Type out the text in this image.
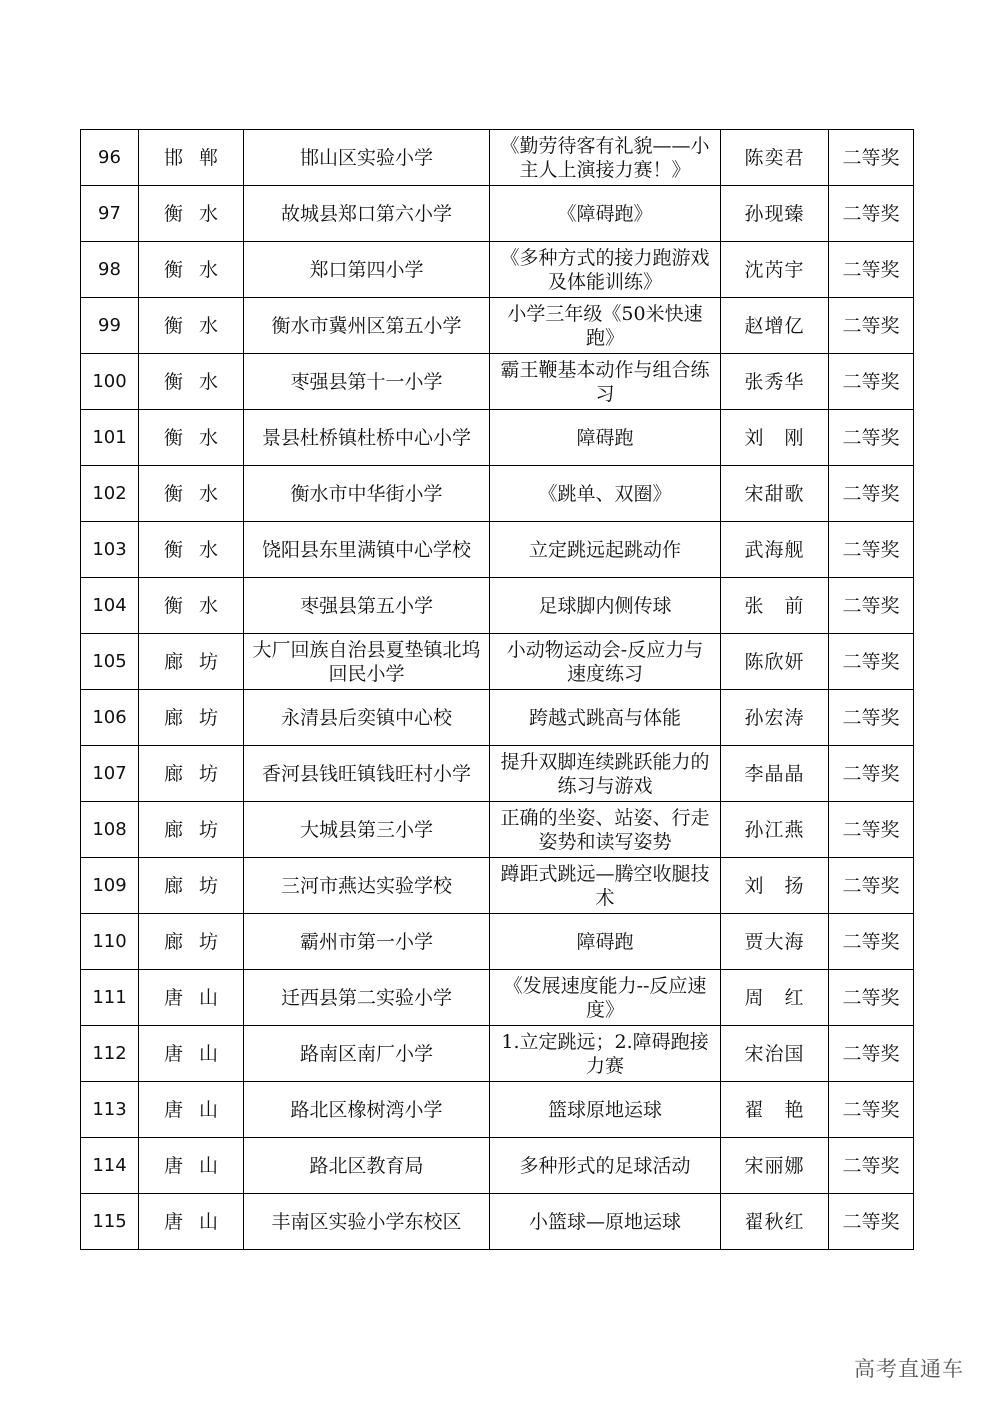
96	邯郸	邯山区实验小学	《勤劳待客有礼貌——小主人上演接力赛！》	陈奕君	二等奖
97	衡水	故城县郑口第六小学	《障碍跑》	孙现臻	二等奖
98	衡水	郑口第四小学	《多种方式的接力跑游戏及体能训练》	沈芮宇	二等奖
99	衡水	衡水市冀州区第五小学	小学三年级《50米快速跑》	赵增亿	二等奖
100	衡水	枣强县第十一小学	霸王鞭基本动作与组合练习	张秀华	二等奖
101	衡水	景县杜桥镇杜桥中心小学	障碍跑	刘　刚	二等奖
102	衡水	衡水市中华街小学	《跳单、双圈》	宋甜歌	二等奖
103	衡水	饶阳县东里满镇中心学校	立定跳远起跳动作	武海舰	二等奖
104	衡水	枣强县第五小学	足球脚内侧传球	张　前	二等奖
105	廊坊	大厂回族自治县夏垫镇北坞回民小学	小动物运动会-反应力与速度练习	陈欣妍	二等奖
106	廊坊	永清县后奕镇中心校	跨越式跳高与体能	孙宏涛	二等奖
107	廊坊	香河县钱旺镇钱旺村小学	提升双脚连续跳跃能力的练习与游戏	李晶晶	二等奖
108	廊坊	大城县第三小学	正确的坐姿、站姿、行走姿势和读写姿势	孙江燕	二等奖
109	廊坊	三河市燕达实验学校	蹲距式跳远—腾空收腿技术	刘　扬	二等奖
110	廊坊	霸州市第一小学	障碍跑	贾大海	二等奖
111	唐山	迁西县第二实验小学	《发展速度能力--反应速度》	周　红	二等奖
112	唐山	路南区南厂小学	1.立定跳远；2.障碍跑接力赛	宋治国	二等奖
113	唐山	路北区橡树湾小学	篮球原地运球	翟　艳	二等奖
114	唐山	路北区教育局	多种形式的足球活动	宋丽娜	二等奖
115	唐山	丰南区实验小学东校区	小篮球—原地运球	翟秋红	二等奖
高考直通车
